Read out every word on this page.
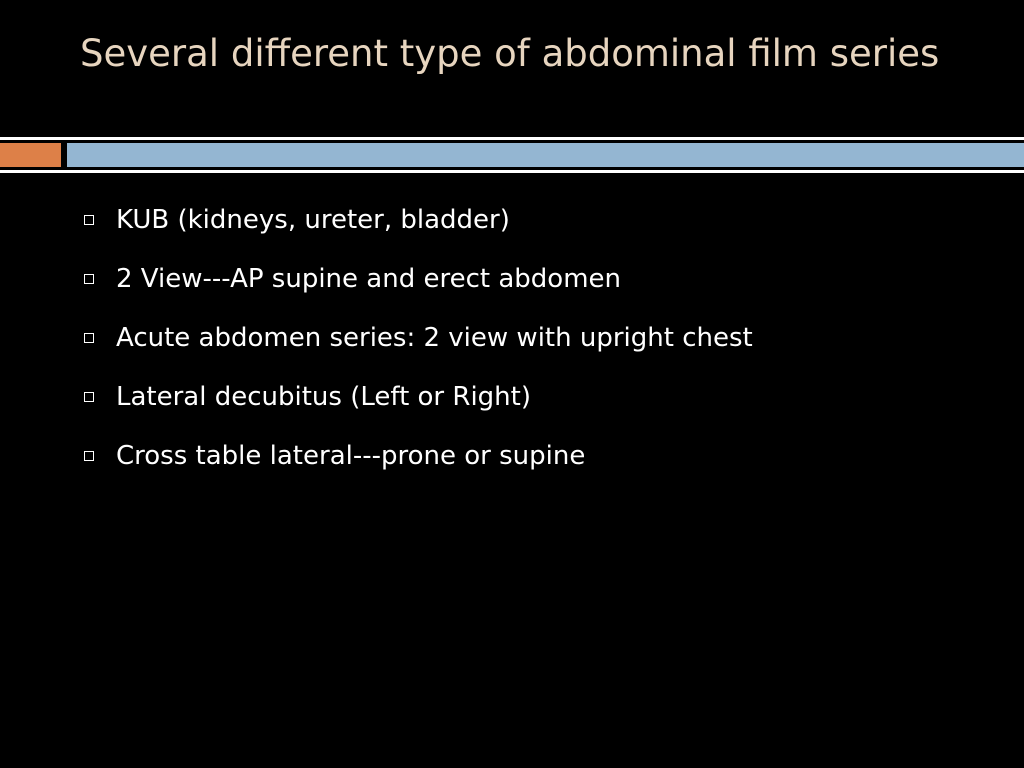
Several different type of abdominal film series
KUB (kidneys, ureter, bladder)
2 View---AP supine and erect abdomen
Acute abdomen series: 2 view with upright chest
Lateral decubitus (Left or Right)
Cross table lateral---prone or supine
